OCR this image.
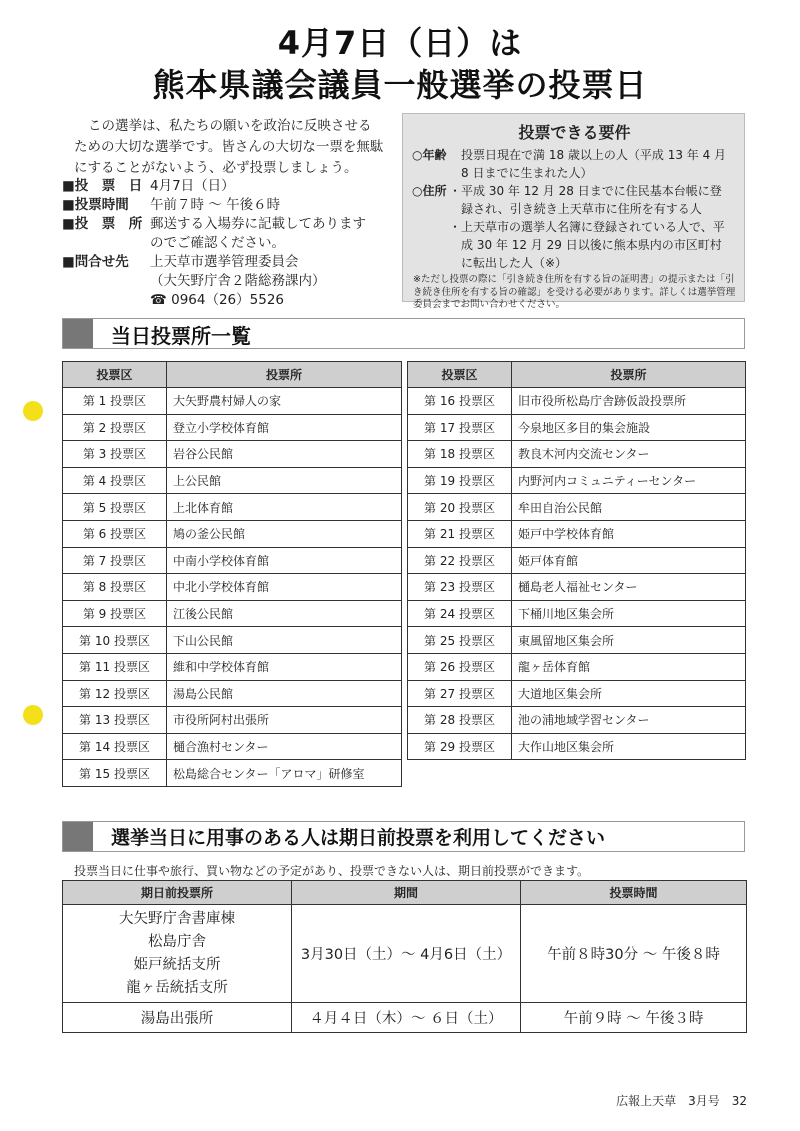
4月7日（日）は
熊本県議会議員一般選挙の投票日

この選挙は、私たちの願いを政治に反映させるための大切な選挙です。皆さんの大切な一票を無駄にすることがないよう、必ず投票しましょう。

■投　票　日 4月7日（日）
■投票時間 午前７時 ～ 午後６時
■投　票　所 郵送する入場券に記載してあります
のでご確認ください。
■問合せ先 上天草市選挙管理委員会
（大矢野庁舎２階総務課内）
☎ 0964（26）5526
投票できる要件
○年齢 投票日現在で満 18 歳以上の人（平成 13 年 4 月
8 日までに生まれた人）
○住所 ・平成 30 年 12 月 28 日までに住民基本台帳に登
録され、引き続き上天草市に住所を有する人
・上天草市の選挙人名簿に登録されている人で、平
成 30 年 12 月 29 日以後に熊本県内の市区町村
に転出した人（※）
※ただし投票の際に「引き続き住所を有する旨の証明書」の提示または「引き続き住所を有する旨の確認」を受ける必要があります。詳しくは選挙管理委員会までお問い合わせください。
当日投票所一覧
投票区	投票所
第 1 投票区	大矢野農村婦人の家
第 2 投票区	登立小学校体育館
第 3 投票区	岩谷公民館
第 4 投票区	上公民館
第 5 投票区	上北体育館
第 6 投票区	鳩の釜公民館
第 7 投票区	中南小学校体育館
第 8 投票区	中北小学校体育館
第 9 投票区	江後公民館
第 10 投票区	下山公民館
第 11 投票区	維和中学校体育館
第 12 投票区	湯島公民館
第 13 投票区	市役所阿村出張所
第 14 投票区	樋合漁村センター
第 15 投票区	松島総合センター「アロマ」研修室
投票区	投票所
第 16 投票区	旧市役所松島庁舎跡仮設投票所
第 17 投票区	今泉地区多目的集会施設
第 18 投票区	教良木河内交流センター
第 19 投票区	内野河内コミュニティーセンター
第 20 投票区	牟田自治公民館
第 21 投票区	姫戸中学校体育館
第 22 投票区	姫戸体育館
第 23 投票区	樋島老人福祉センター
第 24 投票区	下桶川地区集会所
第 25 投票区	東風留地区集会所
第 26 投票区	龍ヶ岳体育館
第 27 投票区	大道地区集会所
第 28 投票区	池の浦地域学習センター
第 29 投票区	大作山地区集会所
選挙当日に用事のある人は期日前投票を利用してください
投票当日に仕事や旅行、買い物などの予定があり、投票できない人は、期日前投票ができます。
期日前投票所	期間	投票時間

大矢野庁舎書庫棟
松島庁舎
姫戸統括支所
龍ヶ岳統括支所	3月30日（土）～ 4月6日（土）	午前８時30分 ～ 午後８時

湯島出張所	４月４日（木）～ ６日（土）	午前９時 ～ 午後３時
広報上天草　3月号　32
